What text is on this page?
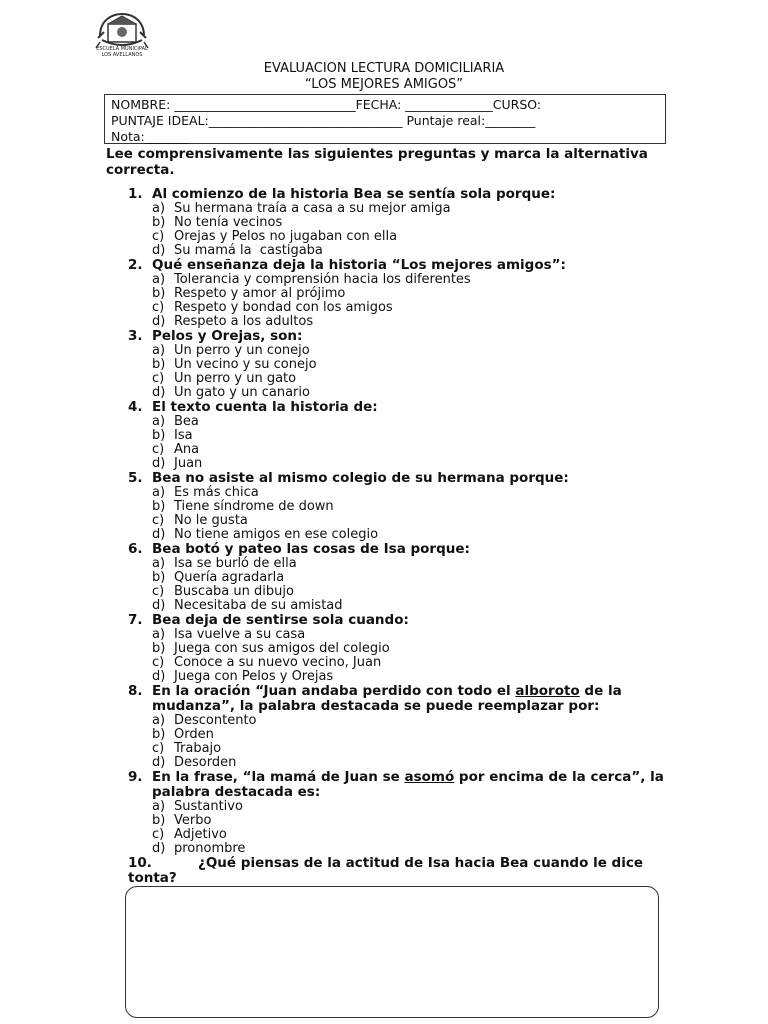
ESCUELA MUNICIPAL
LOS AVELLANOS
EVALUACION LECTURA DOMICILIARIA
“LOS MEJORES AMIGOS”
NOMBRE: _____________________________FECHA: ______________CURSO:
PUNTAJE IDEAL:_______________________________ Puntaje real:________
Nota:_______
Lee comprensivamente las siguientes preguntas y marca la alternativa correcta.
1. Al comienzo de la historia Bea se sentía sola porque:
a) Su hermana traía a casa a su mejor amiga
b) No tenía vecinos
c) Orejas y Pelos no jugaban con ella
d) Su mamá la  castigaba
2. Qué enseñanza deja la historia “Los mejores amigos”:
a) Tolerancia y comprensión hacia los diferentes
b) Respeto y amor al prójimo
c) Respeto y bondad con los amigos
d) Respeto a los adultos
3. Pelos y Orejas, son:
a) Un perro y un conejo
b) Un vecino y su conejo
c) Un perro y un gato
d) Un gato y un canario
4. El texto cuenta la historia de:
a) Bea
b) Isa
c) Ana
d) Juan
5. Bea no asiste al mismo colegio de su hermana porque:
a) Es más chica
b) Tiene síndrome de down
c) No le gusta
d) No tiene amigos en ese colegio
6. Bea botó y pateo las cosas de Isa porque:
a) Isa se burló de ella
b) Quería agradarla
c) Buscaba un dibujo
d) Necesitaba de su amistad
7. Bea deja de sentirse sola cuando:
a) Isa vuelve a su casa
b) Juega con sus amigos del colegio
c) Conoce a su nuevo vecino, Juan
d) Juega con Pelos y Orejas
8. En la oración “Juan andaba perdido con todo el alboroto de la mudanza”, la palabra destacada se puede reemplazar por:
a) Descontento
b) Orden
c) Trabajo
d) Desorden
9. En la frase, “la mamá de Juan se asomó por encima de la cerca”, la palabra destacada es:
a) Sustantivo
b) Verbo
c) Adjetivo
d) pronombre
10.	¿Qué piensas de la actitud de Isa hacia Bea cuando le dice tonta?
